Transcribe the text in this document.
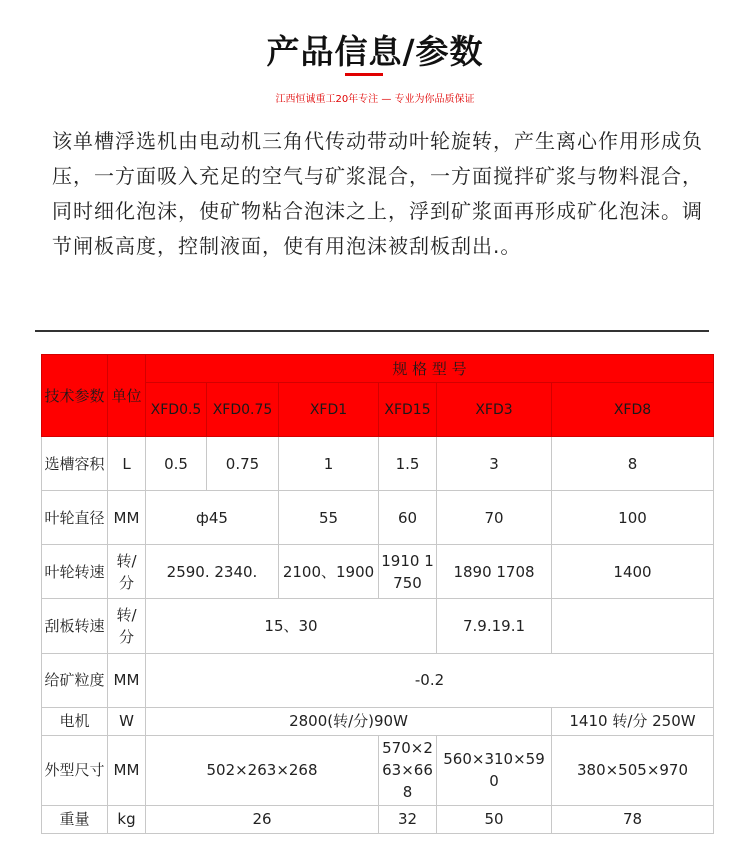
产品信息/参数
江西恒诚重工20年专注 — 专业为你品质保证
该单槽浮选机由电动机三角代传动带动叶轮旋转，产生离心作用形成负压，一方面吸入充足的空气与矿浆混合，一方面搅拌矿浆与物料混合，同时细化泡沫，使矿物粘合泡沫之上，浮到矿浆面再形成矿化泡沫。调节闸板高度，控制液面，使有用泡沫被刮板刮出.。
技术参数	单位	规 格 型 号					
		XFD0.5	XFD0.75	XFD1	XFD15	XFD3	XFD8
选槽容积	L	0.5	0.75	1	1.5	3	8
叶轮直径	MM	ф45		55	60	70	100
叶轮转速	转/分	2590. 2340.		2100、1900	1910 1750	1890 1708	1400
刮板转速	转/分	15、30				7.9.19.1	
给矿粒度	MM	-0.2					
电机	W	2800(转/分)90W					1410 转/分 250W
外型尺寸	MM	502×263×268			570×263×668	560×310×590	380×505×970
重量	kg	26			32	50	78
